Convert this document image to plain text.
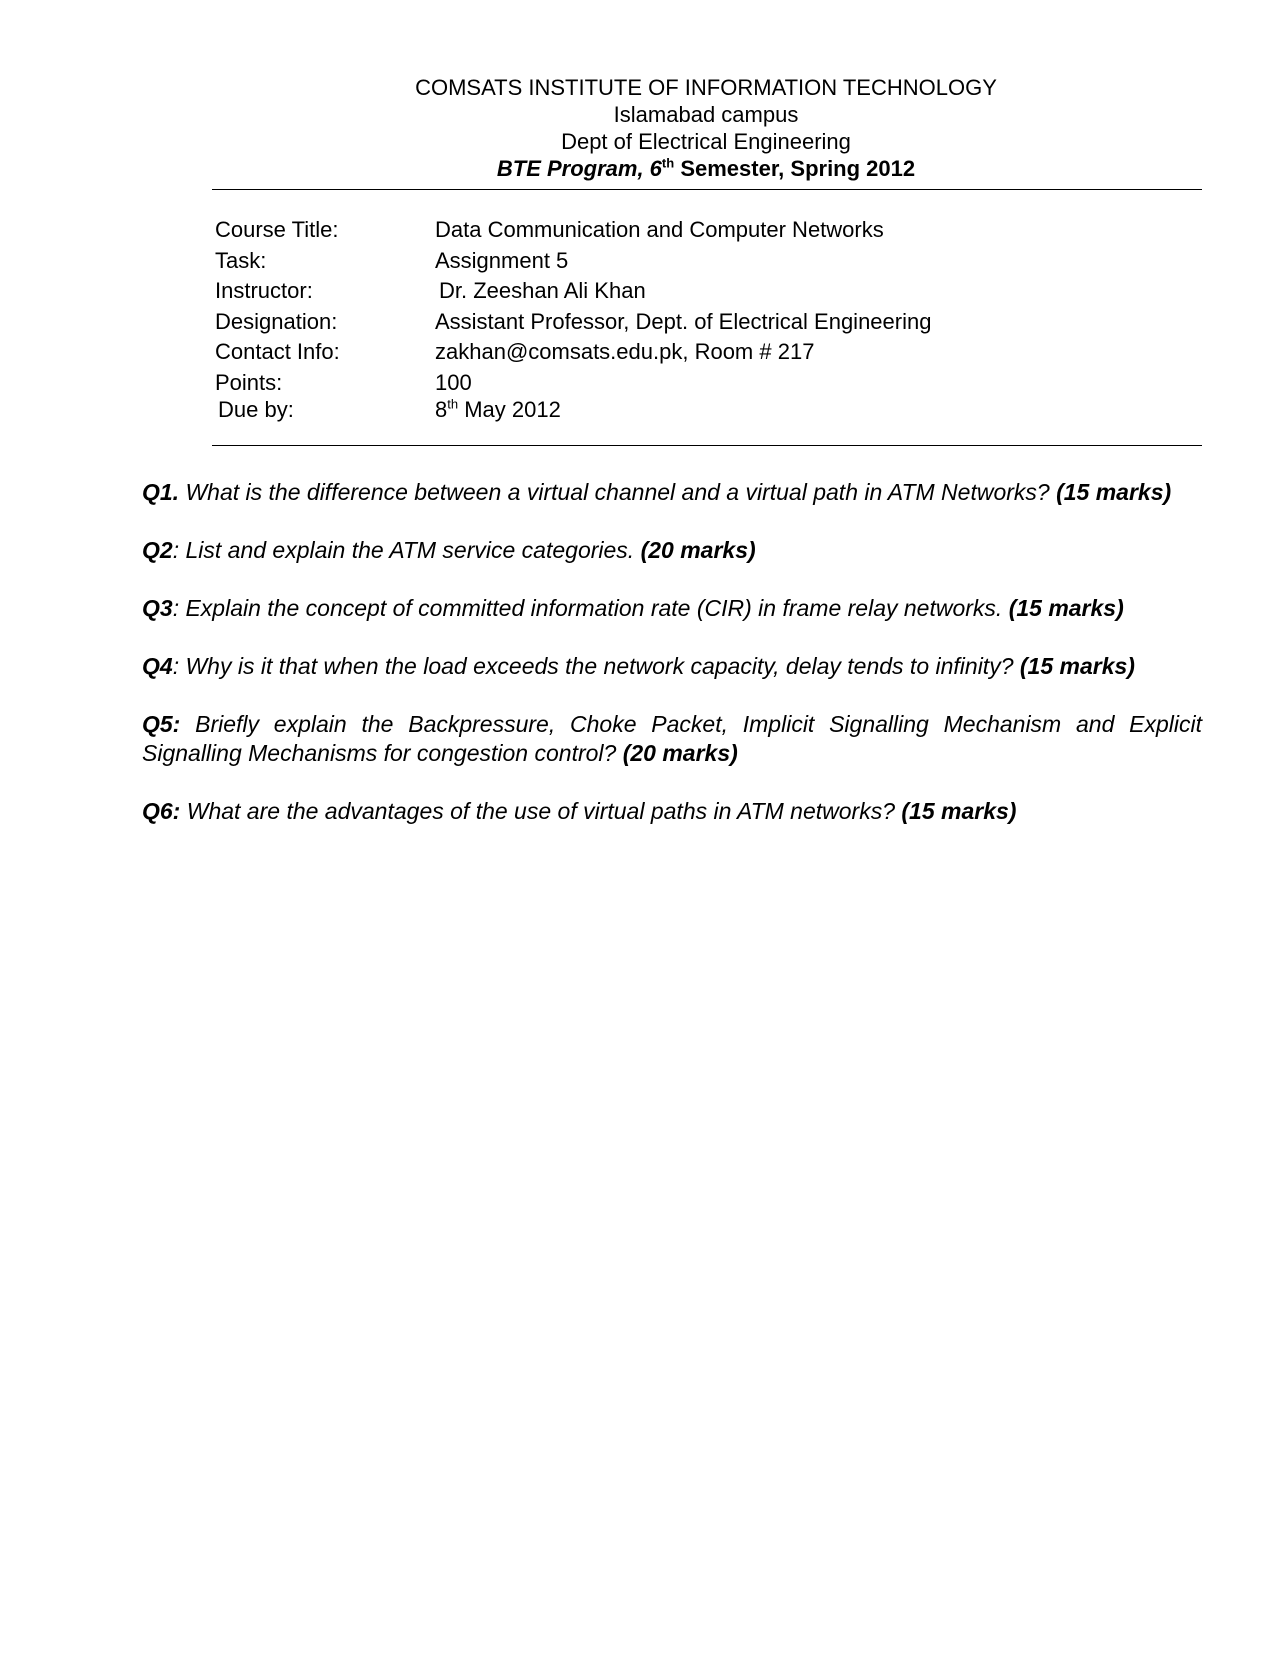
COMSATS INSTITUTE OF INFORMATION TECHNOLOGY
Islamabad campus
Dept of Electrical Engineering
BTE Program, 6th Semester, Spring 2012
Course Title:	Data Communication and Computer Networks
Task:	Assignment 5
Instructor:	Dr. Zeeshan Ali Khan
Designation:	Assistant Professor, Dept. of Electrical Engineering
Contact Info:	zakhan@comsats.edu.pk, Room # 217
Points:	100
Due by:	8th May 2012

Q1. What is the difference between a virtual channel and a virtual path in ATM Networks? (15 marks)

Q2: List and explain the ATM service categories. (20 marks)

Q3: Explain the concept of committed information rate (CIR) in frame relay networks. (15 marks)

Q4: Why is it that when the load exceeds the network capacity, delay tends to infinity? (15 marks)

Q5: Briefly explain the Backpressure, Choke Packet, Implicit Signalling Mechanism and Explicit Signalling Mechanisms for congestion control? (20 marks)

Q6: What are the advantages of the use of virtual paths in ATM networks? (15 marks)
